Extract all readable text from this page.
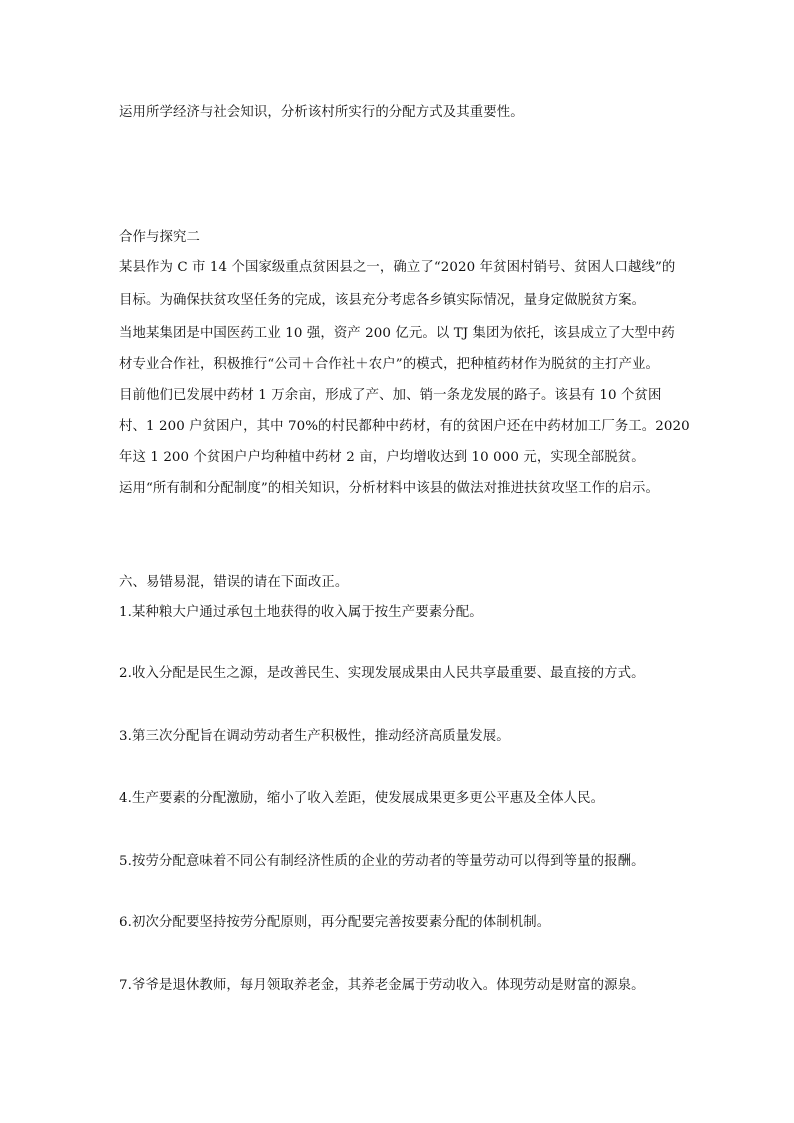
运用所学经济与社会知识，分析该村所实行的分配方式及其重要性。
合作与探究二
某县作为 C 市 14 个国家级重点贫困县之一，确立了“2020 年贫困村销号、贫困人口越线”的
目标。为确保扶贫攻坚任务的完成，该县充分考虑各乡镇实际情况，量身定做脱贫方案。
当地某集团是中国医药工业 10 强，资产 200 亿元。以 TJ 集团为依托，该县成立了大型中药
材专业合作社，积极推行“公司＋合作社＋农户”的模式，把种植药材作为脱贫的主打产业。
目前他们已发展中药材 1 万余亩，形成了产、加、销一条龙发展的路子。该县有 10 个贫困
村、1 200 户贫困户，其中 70%的村民都种中药材，有的贫困户还在中药材加工厂务工。2020
年这 1 200 个贫困户户均种植中药材 2 亩，户均增收达到 10 000 元，实现全部脱贫。
运用“所有制和分配制度”的相关知识，分析材料中该县的做法对推进扶贫攻坚工作的启示。
六、易错易混，错误的请在下面改正。
1.某种粮大户通过承包土地获得的收入属于按生产要素分配。
2.收入分配是民生之源，是改善民生、实现发展成果由人民共享最重要、最直接的方式。
3.第三次分配旨在调动劳动者生产积极性，推动经济高质量发展。
4.生产要素的分配激励，缩小了收入差距，使发展成果更多更公平惠及全体人民。
5.按劳分配意味着不同公有制经济性质的企业的劳动者的等量劳动可以得到等量的报酬。
6.初次分配要坚持按劳分配原则，再分配要完善按要素分配的体制机制。
7.爷爷是退休教师，每月领取养老金，其养老金属于劳动收入。体现劳动是财富的源泉。
